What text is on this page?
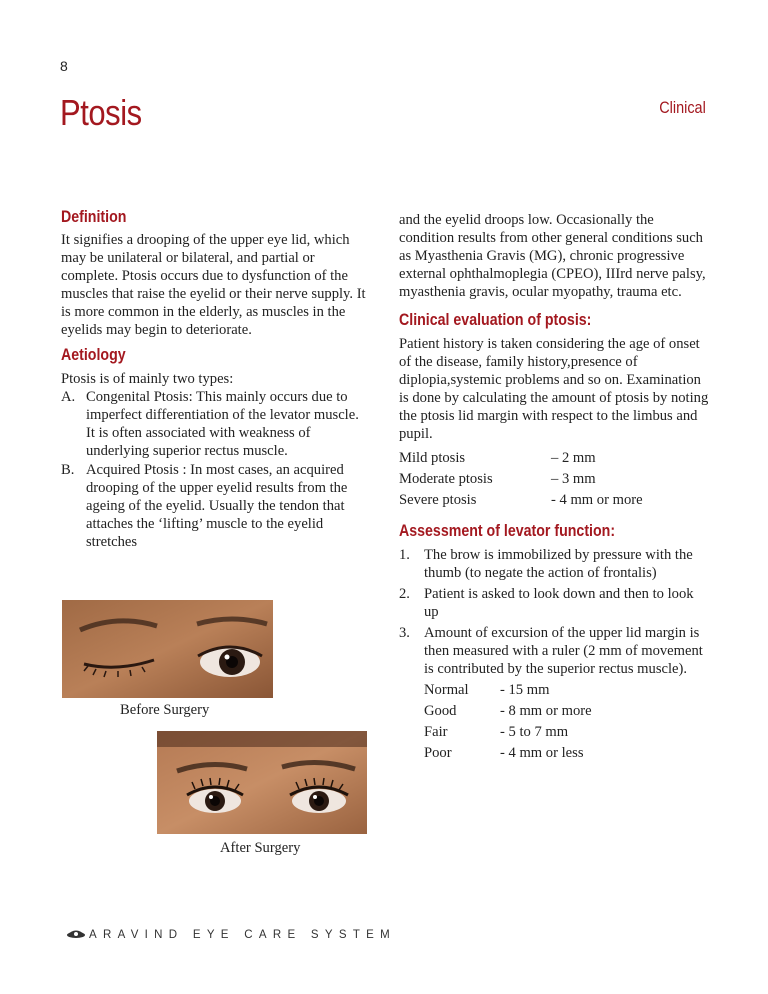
8
Ptosis	Clinical
Definition

It signifies a drooping of the upper eye lid, which may be unilateral or bilateral, and partial or complete. Ptosis occurs due to dysfunction of the muscles that raise the eyelid or their nerve supply. It is more common in the elderly, as muscles in the eyelids may begin to deteriorate.

Aetiology

Ptosis is of mainly two types:

A. Congenital Ptosis: This mainly occurs due to imperfect differentiation of the levator muscle. It is often associated with weakness of underlying superior rectus muscle.
B. Acquired Ptosis : In most cases, an acquired drooping of the upper eyelid results from the ageing of the eyelid. Usually the tendon that attaches the ‘lifting’ muscle to the eyelid stretches

and the eyelid droops low. Occasionally the condition results from other general conditions such as Myasthenia Gravis (MG), chronic progressive external ophthalmoplegia (CPEO), IIIrd nerve palsy, myasthenia gravis, ocular myopathy, trauma etc.

Clinical evaluation of ptosis:

Patient history is taken considering the age of onset of the disease, family history,presence of diplopia,systemic problems and so on. Examination is done by calculating the amount of ptosis by noting the ptosis lid margin with respect to the limbus and pupil.

Mild ptosis	– 2 mm
Moderate ptosis	– 3 mm
Severe ptosis	- 4 mm or more
Assessment of levator function:
1. The brow is immobilized by pressure with the thumb (to negate the action of frontalis)
2. Patient is asked to look down and then to look up
3. Amount of excursion of the upper lid margin is then measured with a ruler (2 mm of movement is contributed by the superior rectus muscle).
Normal	- 15 mm
Good	- 8 mm or more
Fair	- 5 to 7 mm
Poor	- 4 mm or less
Before Surgery
After Surgery
ARAVIND EYE CARE SYSTEM
